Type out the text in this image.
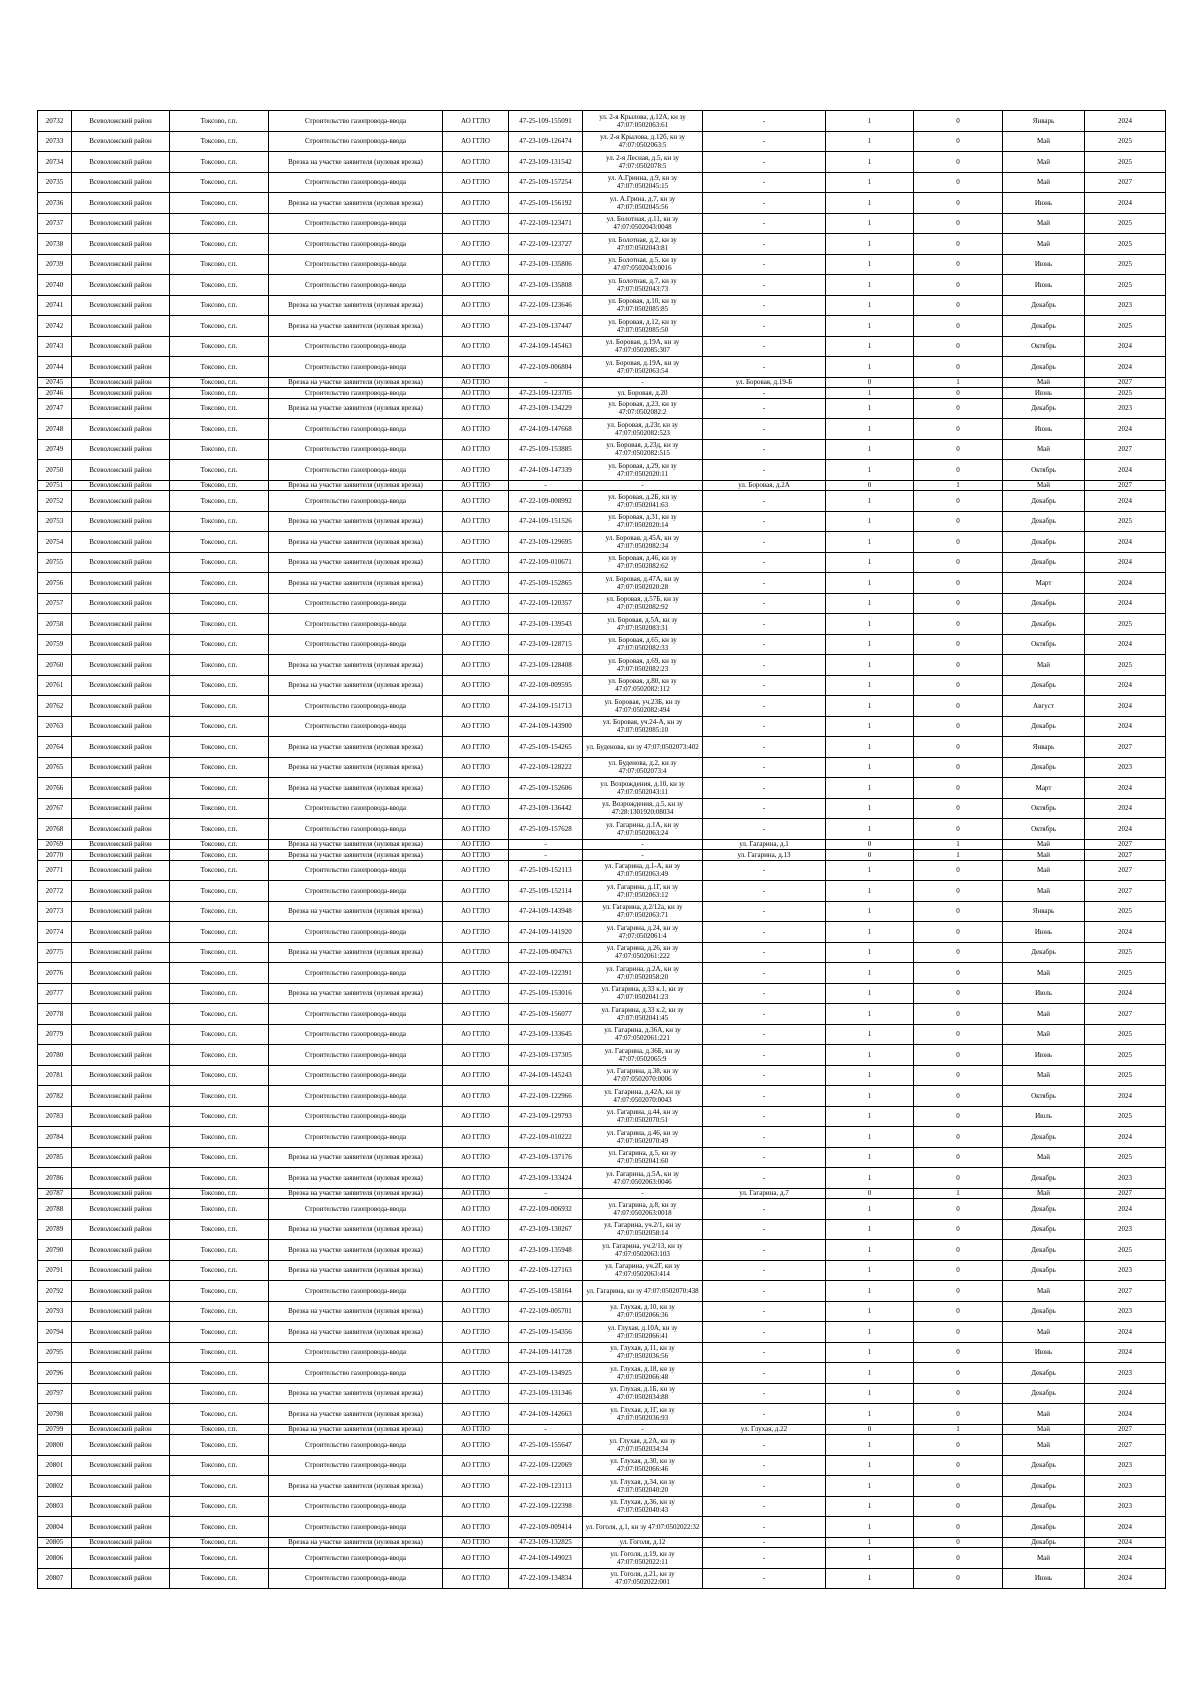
20732	Всеволожский район	Токсово, г.п.	Строительство газопровода-ввода	АО ГГЛО	47-25-109-155091	ул. 2-я Крылова, д.12А, кн зу 47:07:0502063:61	-	1	0	Январь	2024
20733	Всеволожский район	Токсово, г.п.	Строительство газопровода-ввода	АО ГГЛО	47-23-109-126474	ул. 2-я Крылова, д.12б, кн зу 47:07:0502063:5	-	1	0	Май	2025
20734	Всеволожский район	Токсово, г.п.	Врезка на участке заявителя (нулевая врезка)	АО ГГЛО	47-23-109-131542	ул. 2-я Лесная, д.5, кн зу 47:07:0502078:5	-	1	0	Май	2025
20735	Всеволожский район	Токсово, г.п.	Строительство газопровода-ввода	АО ГГЛО	47-25-109-157254	ул. А.Гринна, д.9, кн зу 47:07:0502045:15	-	1	0	Май	2027
20736	Всеволожский район	Токсово, г.п.	Врезка на участке заявителя (нулевая врезка)	АО ГГЛО	47-25-109-156192	ул. А.Грина, д.7, кн зу 47:07:0502045:56	-	1	0	Июнь	2024
20737	Всеволожский район	Токсово, г.п.	Строительство газопровода-ввода	АО ГГЛО	47-22-109-123471	ул. Болотная, д.11, кн зу 47:07:0502043:0048	-	1	0	Май	2025
20738	Всеволожский район	Токсово, г.п.	Строительство газопровода-ввода	АО ГГЛО	47-22-109-123727	ул. Болотная, д.2, кн зу 47:07:0502043:81	-	1	0	Май	2025
20739	Всеволожский район	Токсово, г.п.	Строительство газопровода-ввода	АО ГГЛО	47-23-109-135806	ул. Болотная, д.5, кн зу 47:07:0502043:0016	-	1	0	Июнь	2025
20740	Всеволожский район	Токсово, г.п.	Строительство газопровода-ввода	АО ГГЛО	47-23-109-135808	ул. Болотная, д.7, кн зу 47:07:0502043:73	-	1	0	Июнь	2025
20741	Всеволожский район	Токсово, г.п.	Врезка на участке заявителя (нулевая врезка)	АО ГГЛО	47-22-109-123646	ул. Боровая, д.10, кн зу 47:07:0502085:85	-	1	0	Декабрь	2023
20742	Всеволожский район	Токсово, г.п.	Врезка на участке заявителя (нулевая врезка)	АО ГГЛО	47-23-109-137447	ул. Боровая, д.12, кн зу 47:07:0502085:50	-	1	0	Декабрь	2025
20743	Всеволожский район	Токсово, г.п.	Строительство газопровода-ввода	АО ГГЛО	47-24-109-145463	ул. Боровая, д.19А, кн зу 47:07:0502085:307	-	1	0	Октябрь	2024
20744	Всеволожский район	Токсово, г.п.	Строительство газопровода-ввода	АО ГГЛО	47-22-109-006804	ул. Боровая, д.19А, кн зу 47:07:0502063:54	-	1	0	Декабрь	2024
20745	Всеволожский район	Токсово, г.п.	Врезка на участке заявителя (нулевая врезка)	АО ГГЛО	-	-	ул. Боровая, д.19-Б	0	1	Май	2027
20746	Всеволожский район	Токсово, г.п.	Строительство газопровода-ввода	АО ГГЛО	47-23-109-123705	ул. Боровая, д.20	-	1	0	Июнь	2025
20747	Всеволожский район	Токсово, г.п.	Врезка на участке заявителя (нулевая врезка)	АО ГГЛО	47-23-109-134229	ул. Боровая, д.23, кн зу 47:07:0502082:2	-	1	0	Декабрь	2023
20748	Всеволожский район	Токсово, г.п.	Строительство газопровода-ввода	АО ГГЛО	47-24-109-147668	ул. Боровая, д.23г, кн зу 47:07:0502082:523	-	1	0	Июнь	2024
20749	Всеволожский район	Токсово, г.п.	Строительство газопровода-ввода	АО ГГЛО	47-25-109-153885	ул. Боровая, д.23д, кн зу 47:07:0502082:515	-	1	0	Май	2027
20750	Всеволожский район	Токсово, г.п.	Строительство газопровода-ввода	АО ГГЛО	47-24-109-147339	ул. Боровая, д.29, кн зу 47:07:0502020:11	-	1	0	Октябрь	2024
20751	Всеволожский район	Токсово, г.п.	Врезка на участке заявителя (нулевая врезка)	АО ГГЛО	-	-	ул. Боровая, д.2А	0	1	Май	2027
20752	Всеволожский район	Токсово, г.п.	Строительство газопровода-ввода	АО ГГЛО	47-22-109-008992	ул. Боровая, д.2Б, кн зу 47:07:0502041:63	-	1	0	Декабрь	2024
20753	Всеволожский район	Токсово, г.п.	Врезка на участке заявителя (нулевая врезка)	АО ГГЛО	47-24-109-151526	ул. Боровая, д.31, кн зу 47:07:0502020:14	-	1	0	Декабрь	2025
20754	Всеволожский район	Токсово, г.п.	Врезка на участке заявителя (нулевая врезка)	АО ГГЛО	47-23-109-129695	ул. Боровая, д.45А, кн зу 47:07:0502082:34	-	1	0	Декабрь	2024
20755	Всеволожский район	Токсово, г.п.	Врезка на участке заявителя (нулевая врезка)	АО ГГЛО	47-22-109-010671	ул. Боровая, д.46, кн зу 47:07:0502082:62	-	1	0	Декабрь	2024
20756	Всеволожский район	Токсово, г.п.	Врезка на участке заявителя (нулевая врезка)	АО ГГЛО	47-25-109-152865	ул. Боровая, д.47А, кн зу 47:07:0502020:28	-	1	0	Март	2024
20757	Всеволожский район	Токсово, г.п.	Строительство газопровода-ввода	АО ГГЛО	47-22-109-120357	ул. Боровая, д.57Б, кн зу 47:07:0502082:92	-	1	0	Декабрь	2024
20758	Всеволожский район	Токсово, г.п.	Строительство газопровода-ввода	АО ГГЛО	47-23-109-139543	ул. Боровая, д.5А, кн зу 47:07:0502083:31	-	1	0	Декабрь	2025
20759	Всеволожский район	Токсово, г.п.	Строительство газопровода-ввода	АО ГГЛО	47-23-109-128715	ул. Боровая, д.65, кн зу 47:07:0502082:33	-	1	0	Октябрь	2024
20760	Всеволожский район	Токсово, г.п.	Врезка на участке заявителя (нулевая врезка)	АО ГГЛО	47-23-109-128408	ул. Боровая, д.69, кн зу 47:07:0502082:23	-	1	0	Май	2025
20761	Всеволожский район	Токсово, г.п.	Врезка на участке заявителя (нулевая врезка)	АО ГГЛО	47-22-109-009595	ул. Боровая, д.80, кн зу 47:07:0502082:112	-	1	0	Декабрь	2024
20762	Всеволожский район	Токсово, г.п.	Строительство газопровода-ввода	АО ГГЛО	47-24-109-151713	ул. Боровая, уч.23Б, кн зу 47:07:0502082:494	-	1	0	Август	2024
20763	Всеволожский район	Токсово, г.п.	Строительство газопровода-ввода	АО ГГЛО	47-24-109-143900	ул. Боровая, уч.24-А, кн зу 47:07:0502085:10	-	1	0	Декабрь	2024
20764	Всеволожский район	Токсово, г.п.	Врезка на участке заявителя (нулевая врезка)	АО ГГЛО	47-25-109-154265	ул. Буденова, кн зу 47:07:0502073:402	-	1	0	Январь	2027
20765	Всеволожский район	Токсово, г.п.	Врезка на участке заявителя (нулевая врезка)	АО ГГЛО	47-22-109-128222	ул. Буденова, д.2, кн зу 47:07:0502073:4	-	1	0	Декабрь	2023
20766	Всеволожский район	Токсово, г.п.	Врезка на участке заявителя (нулевая врезка)	АО ГГЛО	47-25-109-152606	ул. Возрождения, д.10, кн зу 47:07:0502043:11	-	1	0	Март	2024
20767	Всеволожский район	Токсово, г.п.	Строительство газопровода-ввода	АО ГГЛО	47-23-109-136442	ул. Возрождения, д.5, кн зу 47:28:1301920:08034	-	1	0	Октябрь	2024
20768	Всеволожский район	Токсово, г.п.	Строительство газопровода-ввода	АО ГГЛО	47-25-109-157628	ул. Гагарина, д.1А, кн зу 47:07:0502063:24	-	1	0	Октябрь	2024
20769	Всеволожский район	Токсово, г.п.	Врезка на участке заявителя (нулевая врезка)	АО ГГЛО	-	-	ул. Гагарина, д.1	0	1	Май	2027
20770	Всеволожский район	Токсово, г.п.	Врезка на участке заявителя (нулевая врезка)	АО ГГЛО	-	-	ул. Гагарина, д.13	0	1	Май	2027
20771	Всеволожский район	Токсово, г.п.	Строительство газопровода-ввода	АО ГГЛО	47-25-109-152113	ул. Гагарина, д.1-А, кн зу 47:07:0502063:49	-	1	0	Май	2027
20772	Всеволожский район	Токсово, г.п.	Строительство газопровода-ввода	АО ГГЛО	47-25-109-152114	ул. Гагарина, д.1Г, кн зу 47:07:0502063:12	-	1	0	Май	2027
20773	Всеволожский район	Токсово, г.п.	Врезка на участке заявителя (нулевая врезка)	АО ГГЛО	47-24-109-143948	ул. Гагарина, д.2/12а, кн зу 47:07:0502063:71	-	1	0	Январь	2025
20774	Всеволожский район	Токсово, г.п.	Строительство газопровода-ввода	АО ГГЛО	47-24-109-141920	ул. Гагарина, д.24, кн зу 47:07:0502061:4	-	1	0	Июнь	2024
20775	Всеволожский район	Токсово, г.п.	Врезка на участке заявителя (нулевая врезка)	АО ГГЛО	47-22-109-004763	ул. Гагарина, д.26, кн зу 47:07:0502061:222	-	1	0	Декабрь	2025
20776	Всеволожский район	Токсово, г.п.	Строительство газопровода-ввода	АО ГГЛО	47-22-109-122391	ул. Гагарина, д.2А, кн зу 47:07:0502058:20	-	1	0	Май	2025
20777	Всеволожский район	Токсово, г.п.	Врезка на участке заявителя (нулевая врезка)	АО ГГЛО	47-25-109-153016	ул. Гагарина, д.33 к.1, кн зу 47:07:0502041:23	-	1	0	Июль	2024
20778	Всеволожский район	Токсово, г.п.	Строительство газопровода-ввода	АО ГГЛО	47-25-109-156077	ул. Гагарина, д.33 к.2, кн зу 47:07:0502041:45	-	1	0	Май	2027
20779	Всеволожский район	Токсово, г.п.	Строительство газопровода-ввода	АО ГГЛО	47-23-109-133645	ул. Гагарина, д.36А, кн зу 47:07:0502061:221	-	1	0	Май	2025
20780	Всеволожский район	Токсово, г.п.	Строительство газопровода-ввода	АО ГГЛО	47-23-109-137305	ул. Гагарина, д.36Б, кн зу 47:07:0502065:9	-	1	0	Июнь	2025
20781	Всеволожский район	Токсово, г.п.	Строительство газопровода-ввода	АО ГГЛО	47-24-109-145243	ул. Гагарина, д.38, кн зу 47:07:0502070:0006	-	1	0	Май	2025
20782	Всеволожский район	Токсово, г.п.	Строительство газопровода-ввода	АО ГГЛО	47-22-109-122966	ул. Гагарина, д.42А, кн зу 47:07:0502070:0043	-	1	0	Октябрь	2024
20783	Всеволожский район	Токсово, г.п.	Строительство газопровода-ввода	АО ГГЛО	47-23-109-129793	ул. Гагарина, д.44, кн зу 47:07:0502070:51	-	1	0	Июль	2025
20784	Всеволожский район	Токсово, г.п.	Строительство газопровода-ввода	АО ГГЛО	47-22-109-010222	ул. Гагарина, д.46, кн зу 47:07:0502070:49	-	1	0	Декабрь	2024
20785	Всеволожский район	Токсово, г.п.	Врезка на участке заявителя (нулевая врезка)	АО ГГЛО	47-23-109-137176	ул. Гагарина, д.5, кн зу 47:07:0502041:60	-	1	0	Май	2025
20786	Всеволожский район	Токсово, г.п.	Врезка на участке заявителя (нулевая врезка)	АО ГГЛО	47-23-109-133424	ул. Гагарина, д.5А, кн зу 47:07:0502063:0046	-	1	0	Декабрь	2023
20787	Всеволожский район	Токсово, г.п.	Врезка на участке заявителя (нулевая врезка)	АО ГГЛО	-	-	ул. Гагарина, д.7	0	1	Май	2027
20788	Всеволожский район	Токсово, г.п.	Строительство газопровода-ввода	АО ГГЛО	47-22-109-006932	ул. Гагарина, д.8, кн зу 47:07:0502063:0018	-	1	0	Декабрь	2024
20789	Всеволожский район	Токсово, г.п.	Врезка на участке заявителя (нулевая врезка)	АО ГГЛО	47-23-109-130267	ул. Гагарина, уч.2/1, кн зу 47:07:0502058:14	-	1	0	Декабрь	2023
20790	Всеволожский район	Токсово, г.п.	Врезка на участке заявителя (нулевая врезка)	АО ГГЛО	47-23-109-135948	ул. Гагарина, уч.2/13, кн зу 47:07:0502063:103	-	1	0	Декабрь	2025
20791	Всеволожский район	Токсово, г.п.	Врезка на участке заявителя (нулевая врезка)	АО ГГЛО	47-22-109-127163	ул. Гагарина, уч.2Г, кн зу 47:07:0502063:414	-	1	0	Декабрь	2023
20792	Всеволожский район	Токсово, г.п.	Строительство газопровода-ввода	АО ГГЛО	47-25-109-158164	ул. Гагарина, кн зу 47:07:0502070:438	-	1	0	Май	2027
20793	Всеволожский район	Токсово, г.п.	Врезка на участке заявителя (нулевая врезка)	АО ГГЛО	47-22-109-005701	ул. Глухая, д.10, кн зу 47:07:0502066:36	-	1	0	Декабрь	2023
20794	Всеволожский район	Токсово, г.п.	Врезка на участке заявителя (нулевая врезка)	АО ГГЛО	47-25-109-154356	ул. Глухая, д.10А, кн зу 47:07:0502066:41	-	1	0	Май	2024
20795	Всеволожский район	Токсово, г.п.	Строительство газопровода-ввода	АО ГГЛО	47-24-109-141728	ул. Глухая, д.11, кн зу 47:07:0502036:56	-	1	0	Июнь	2024
20796	Всеволожский район	Токсово, г.п.	Строительство газопровода-ввода	АО ГГЛО	47-23-109-134925	ул. Глухая, д.18, кн зу 47:07:0502066:48	-	1	0	Декабрь	2023
20797	Всеволожский район	Токсово, г.п.	Врезка на участке заявителя (нулевая врезка)	АО ГГЛО	47-23-109-131346	ул. Глухая, д.1Б, кн зу 47:07:0502034:88	-	1	0	Декабрь	2024
20798	Всеволожский район	Токсово, г.п.	Врезка на участке заявителя (нулевая врезка)	АО ГГЛО	47-24-109-142663	ул. Глухая, д.1Г, кн зу 47:07:0502036:93	-	1	0	Май	2024
20799	Всеволожский район	Токсово, г.п.	Врезка на участке заявителя (нулевая врезка)	АО ГГЛО	-	-	ул. Глухая, д.22	0	1	Май	2027
20800	Всеволожский район	Токсово, г.п.	Строительство газопровода-ввода	АО ГГЛО	47-25-109-155647	ул. Глухая, д.2А, кн зу 47:07:0502034:34	-	1	0	Май	2027
20801	Всеволожский район	Токсово, г.п.	Строительство газопровода-ввода	АО ГГЛО	47-22-109-122069	ул. Глухая, д.30, кн зу 47:07:0502066:46	-	1	0	Декабрь	2023
20802	Всеволожский район	Токсово, г.п.	Врезка на участке заявителя (нулевая врезка)	АО ГГЛО	47-22-109-123113	ул. Глухая, д.34, кн зу 47:07:0502040:20	-	1	0	Декабрь	2023
20803	Всеволожский район	Токсово, г.п.	Строительство газопровода-ввода	АО ГГЛО	47-22-109-122398	ул. Глухая, д.36, кн зу 47:07:0502040:43	-	1	0	Декабрь	2023
20804	Всеволожский район	Токсово, г.п.	Строительство газопровода-ввода	АО ГГЛО	47-22-109-009414	ул. Гоголя, д.1, кн зу 47:07:0502022:32	-	1	0	Декабрь	2024
20805	Всеволожский район	Токсово, г.п.	Врезка на участке заявителя (нулевая врезка)	АО ГГЛО	47-23-109-132825	ул. Гоголя, д.12	-	1	0	Декабрь	2024
20806	Всеволожский район	Токсово, г.п.	Строительство газопровода-ввода	АО ГГЛО	47-24-109-149023	ул. Гоголя, д.19, кн зу 47:07:0502022:11	-	1	0	Май	2024
20807	Всеволожский район	Токсово, г.п.	Строительство газопровода-ввода	АО ГГЛО	47-22-109-134834	ул. Гоголя, д.21, кн зу 47:07:0502022:001	-	1	0	Июнь	2024
